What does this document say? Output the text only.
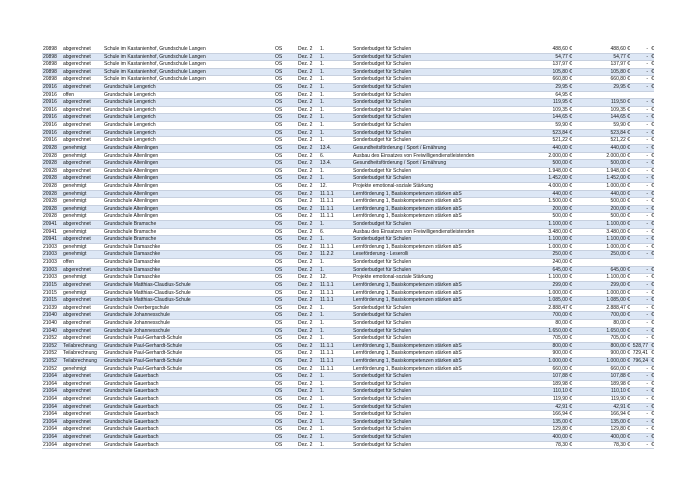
20898	abgerechnet	Schule im Kastanienhof, Grundschule Langen	OS	Dez. 2	1.	Sonderbudget für Schulen	488,60 €	488,60 €	- €
20898	abgerechnet	Schule im Kastanienhof, Grundschule Langen	OS	Dez. 2	1.	Sonderbudget für Schulen	54,77 €	54,77 €	- €
20898	abgerechnet	Schule im Kastanienhof, Grundschule Langen	OS	Dez. 2	1.	Sonderbudget für Schulen	137,97 €	137,97 €	- €
20898	abgerechnet	Schule im Kastanienhof, Grundschule Langen	OS	Dez. 2	1.	Sonderbudget für Schulen	105,80 €	105,80 €	- €
20898	abgerechnet	Schule im Kastanienhof, Grundschule Langen	OS	Dez. 2	1.	Sonderbudget für Schulen	660,80 €	660,80 €	- €
20916	abgerechnet	Grundschule Lengerich	OS	Dez. 2	1.	Sonderbudget für Schulen	29,95 €	29,95 €	- €
20916	offen	Grundschule Lengerich	OS	Dez. 2	1.	Sonderbudget für Schulen	64,95 €
20916	abgerechnet	Grundschule Lengerich	OS	Dez. 2	1.	Sonderbudget für Schulen	119,95 €	119,50 €	- €
20916	abgerechnet	Grundschule Lengerich	OS	Dez. 2	1.	Sonderbudget für Schulen	109,35 €	109,35 €	- €
20916	abgerechnet	Grundschule Lengerich	OS	Dez. 2	1.	Sonderbudget für Schulen	144,65 €	144,65 €	- €
20916	abgerechnet	Grundschule Lengerich	OS	Dez. 2	1.	Sonderbudget für Schulen	59,90 €	59,90 €	- €
20916	abgerechnet	Grundschule Lengerich	OS	Dez. 2	1.	Sonderbudget für Schulen	523,84 €	523,84 €	- €
20916	abgerechnet	Grundschule Lengerich	OS	Dez. 2	1.	Sonderbudget für Schulen	521,22 €	521,22 €	- €
20928	genehmigt	Grundschule Altenlingen	OS	Dez. 2	13.4.	Gesundheitsförderung / Sport / Ernährung	440,00 €	440,00 €	- €
20928	genehmigt	Grundschule Altenlingen	OS	Dez. 2	6.	Ausbau des Einsatzes von Freiwilligendienstleistenden	2.000,00 €	2.000,00 €	- €
20928	abgerechnet	Grundschule Altenlingen	OS	Dez. 2	13.4.	Gesundheitsförderung / Sport / Ernährung	500,00 €	500,00 €	- €
20928	abgerechnet	Grundschule Altenlingen	OS	Dez. 2	1.	Sonderbudget für Schulen	1.948,00 €	1.948,00 €	- €
20928	abgerechnet	Grundschule Altenlingen	OS	Dez. 2	1.	Sonderbudget für Schulen	1.452,00 €	1.452,00 €	- €
20928	genehmigt	Grundschule Altenlingen	OS	Dez. 2	12.	Projekte emotional-soziale Stärkung	4.000,00 €	1.000,00 €	- €
20928	genehmigt	Grundschule Altenlingen	OS	Dez. 2	11.1.1	Lernförderung 1, Basiskompetenzen stärken abS	440,00 €	440,00 €	- €
20928	genehmigt	Grundschule Altenlingen	OS	Dez. 2	11.1.1	Lernförderung 1, Basiskompetenzen stärken abS	1.500,00 €	500,00 €	- €
20928	genehmigt	Grundschule Altenlingen	OS	Dez. 2	11.1.1	Lernförderung 1, Basiskompetenzen stärken abS	200,00 €	200,00 €	- €
20928	genehmigt	Grundschule Altenlingen	OS	Dez. 2	11.1.1	Lernförderung 1, Basiskompetenzen stärken abS	500,00 €	500,00 €	- €
20941	abgerechnet	Grundschule Bramsche	OS	Dez. 2	1.	Sonderbudget für Schulen	1.100,00 €	1.100,00 €	- €
20941	genehmigt	Grundschule Bramsche	OS	Dez. 2	6.	Ausbau des Einsatzes von Freiwilligendienstleistenden	3.480,00 €	3.480,00 €	- €
20941	abgerechnet	Grundschule Bramsche	OS	Dez. 2	1.	Sonderbudget für Schulen	1.100,00 €	1.100,00 €	- €
21003	genehmigt	Grundschule Damaschke	OS	Dez. 2	11.1.1	Lernförderung 1, Basiskompetenzen stärken abS	1.000,00 €	1.000,00 €	- €
21003	genehmigt	Grundschule Damaschke	OS	Dez. 2	11.2.2	Leseförderung - Leserolli	250,00 €	250,00 €	- €
21003	offen	Grundschule Damaschke	OS	Dez. 2	1.	Sonderbudget für Schulen	240,00 €
21003	abgerechnet	Grundschule Damaschke	OS	Dez. 2	1.	Sonderbudget für Schulen	645,00 €	645,00 €	- €
21003	genehmigt	Grundschule Damaschke	OS	Dez. 2	12.	Projekte emotional-soziale Stärkung	1.100,00 €	1.100,00 €	- €
21015	abgerechnet	Grundschule Matthias-Claudius-Schule	OS	Dez. 2	11.1.1	Lernförderung 1, Basiskompetenzen stärken abS	299,00 €	299,00 €	- €
21015	genehmigt	Grundschule Matthias-Claudius-Schule	OS	Dez. 2	11.1.1	Lernförderung 1, Basiskompetenzen stärken abS	1.000,00 €	1.000,00 €	- €
21015	abgerechnet	Grundschule Matthias-Claudius-Schule	OS	Dez. 2	11.1.1	Lernförderung 1, Basiskompetenzen stärken abS	1.085,00 €	1.085,00 €	- €
21039	abgerechnet	Grundschule Overbergschule	OS	Dez. 2	1.	Sonderbudget für Schulen	2.888,47 €	2.888,47 €	- €
21040	abgerechnet	Grundschule Johannesschule	OS	Dez. 2	1.	Sonderbudget für Schulen	700,00 €	700,00 €	- €
21040	abgerechnet	Grundschule Johannesschule	OS	Dez. 2	1.	Sonderbudget für Schulen	80,00 €	80,00 €	- €
21040	abgerechnet	Grundschule Johannesschule	OS	Dez. 2	1.	Sonderbudget für Schulen	1.650,00 €	1.650,00 €	- €
21052	abgerechnet	Grundschule Paul-Gerhardt-Schule	OS	Dez. 2	1.	Sonderbudget für Schulen	705,00 €	705,00 €	- €
21052	Teilabrechnung	Grundschule Paul-Gerhardt-Schule	OS	Dez. 2	11.1.1	Lernförderung 1, Basiskompetenzen stärken abS	800,00 €	800,00 € 528,77 €
21052	Teilabrechnung	Grundschule Paul-Gerhardt-Schule	OS	Dez. 2	11.1.1	Lernförderung 1, Basiskompetenzen stärken abS	900,00 €	900,00 € 729,41 €
21052	Teilabrechnung	Grundschule Paul-Gerhardt-Schule	OS	Dez. 2	11.1.1	Lernförderung 1, Basiskompetenzen stärken abS	1.000,00 €	1.000,00 € 796,24 €
21052	genehmigt	Grundschule Paul-Gerhardt-Schule	OS	Dez. 2	11.1.1	Lernförderung 1, Basiskompetenzen stärken abS	660,00 €	660,00 €	- €
21064	abgerechnet	Grundschule Gauerbach	OS	Dez. 2	1.	Sonderbudget für Schulen	107,88 €	107,88 €	- €
21064	abgerechnet	Grundschule Gauerbach	OS	Dez. 2	1.	Sonderbudget für Schulen	189,98 €	189,98 €	- €
21064	abgerechnet	Grundschule Gauerbach	OS	Dez. 2	1.	Sonderbudget für Schulen	110,10 €	110,10 €	- €
21064	abgerechnet	Grundschule Gauerbach	OS	Dez. 2	1.	Sonderbudget für Schulen	119,90 €	119,90 €	- €
21064	abgerechnet	Grundschule Gauerbach	OS	Dez. 2	1.	Sonderbudget für Schulen	42,91 €	42,91 €	- €
21064	abgerechnet	Grundschule Gauerbach	OS	Dez. 2	1.	Sonderbudget für Schulen	166,94 €	166,94 €	- €
21064	abgerechnet	Grundschule Gauerbach	OS	Dez. 2	1.	Sonderbudget für Schulen	135,00 €	135,00 €	- €
21064	abgerechnet	Grundschule Gauerbach	OS	Dez. 2	1.	Sonderbudget für Schulen	129,80 €	129,80 €	- €
21064	abgerechnet	Grundschule Gauerbach	OS	Dez. 2	1.	Sonderbudget für Schulen	400,00 €	400,00 €	- €
21064	abgerechnet	Grundschule Gauerbach	OS	Dez. 2	1.	Sonderbudget für Schulen	78,30 €	78,30 €	- €
